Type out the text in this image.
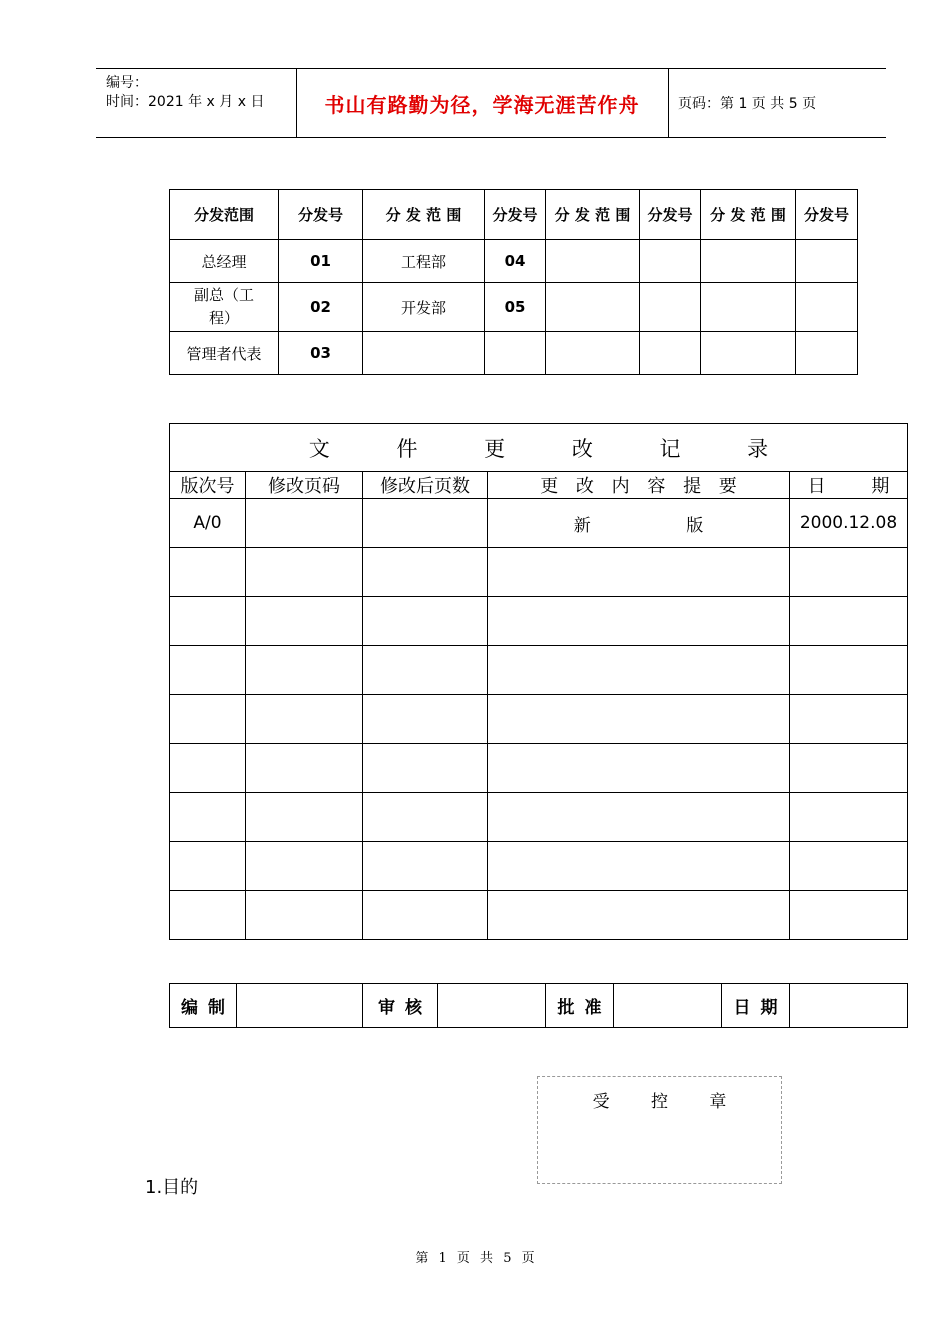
编号：
时间：2021 年 x 月 x 日	书山有路勤为径，学海无涯苦作舟	页码：第 1 页 共 5 页
分发范围	分发号	分 发 范 围	分发号	分 发 范 围	分发号	分 发 范 围	分发号
总经理	01	工程部	04				
副总（工程）	02	开发部	05				
管理者代表	03						
文 件 更 改 记 录				
版次号	修改页码	修改后页数	更 改 内 容 提 要	日 期
A/0			新 版	2000.12.08

编 制		审 核		批 准		日 期	
受 控 章
1.目的
第 1 页 共 5 页
